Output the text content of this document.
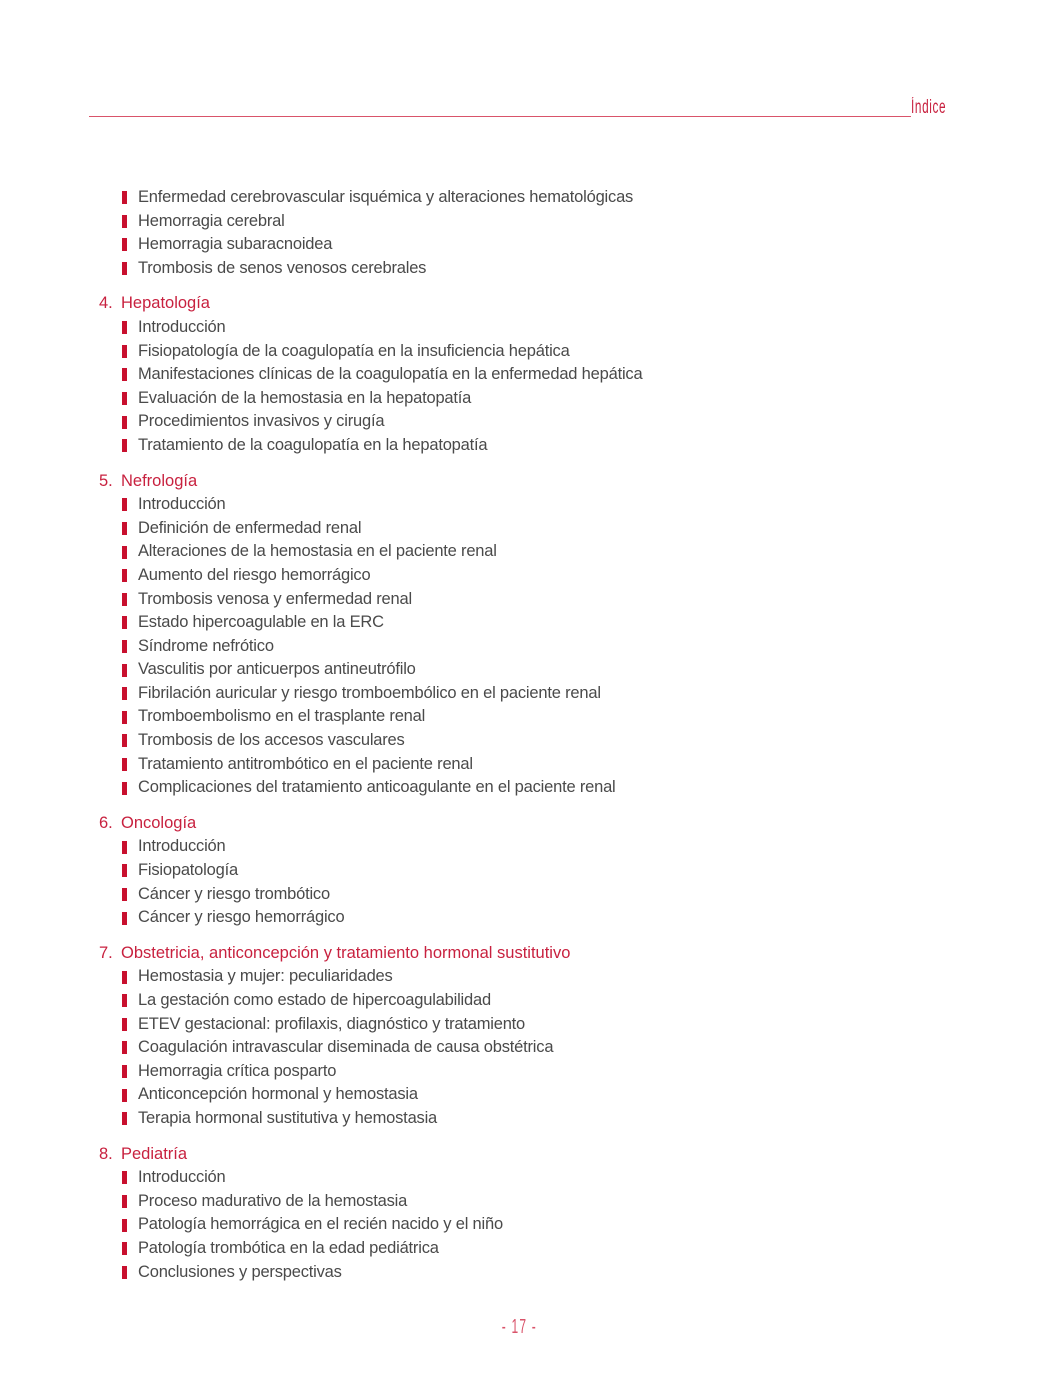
Índice
Enfermedad cerebrovascular isquémica y alteraciones hematológicas
Hemorragia cerebral
Hemorragia subaracnoidea
Trombosis de senos venosos cerebrales
4. Hepatología
Introducción
Fisiopatología de la coagulopatía en la insuficiencia hepática
Manifestaciones clínicas de la coagulopatía en la enfermedad hepática
Evaluación de la hemostasia en la hepatopatía
Procedimientos invasivos y cirugía
Tratamiento de la coagulopatía en la hepatopatía
5. Nefrología
Introducción
Definición de enfermedad renal
Alteraciones de la hemostasia en el paciente renal
Aumento del riesgo hemorrágico
Trombosis venosa y enfermedad renal
Estado hipercoagulable en la ERC
Síndrome nefrótico
Vasculitis por anticuerpos antineutrófilo
Fibrilación auricular y riesgo tromboembólico en el paciente renal
Tromboembolismo en el trasplante renal
Trombosis de los accesos vasculares
Tratamiento antitrombótico en el paciente renal
Complicaciones del tratamiento anticoagulante en el paciente renal
6. Oncología
Introducción
Fisiopatología
Cáncer y riesgo trombótico
Cáncer y riesgo hemorrágico
7. Obstetricia, anticoncepción y tratamiento hormonal sustitutivo
Hemostasia y mujer: peculiaridades
La gestación como estado de hipercoagulabilidad
ETEV gestacional: profilaxis, diagnóstico y tratamiento
Coagulación intravascular diseminada de causa obstétrica
Hemorragia crítica posparto
Anticoncepción hormonal y hemostasia
Terapia hormonal sustitutiva y hemostasia
8. Pediatría
Introducción
Proceso madurativo de la hemostasia
Patología hemorrágica en el recién nacido y el niño
Patología trombótica en la edad pediátrica
Conclusiones y perspectivas
- 17 -
